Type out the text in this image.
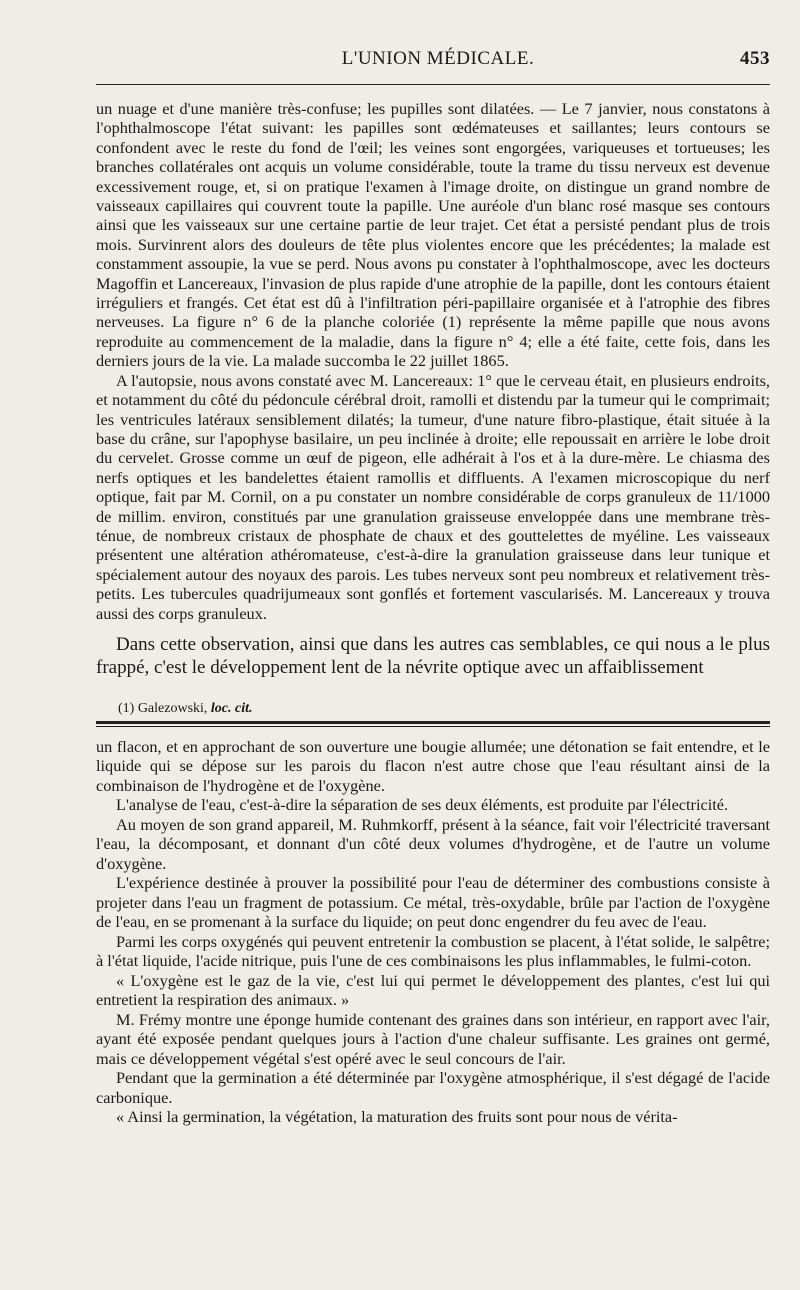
L'UNION MÉDICALE.	453

un nuage et d'une manière très-confuse; les pupilles sont dilatées. — Le 7 janvier, nous constatons à l'ophthalmoscope l'état suivant: les papilles sont œdémateuses et saillantes; leurs contours se confondent avec le reste du fond de l'œil; les veines sont engorgées, variqueuses et tortueuses; les branches collatérales ont acquis un volume considérable, toute la trame du tissu nerveux est devenue excessivement rouge, et, si on pratique l'examen à l'image droite, on distingue un grand nombre de vaisseaux capillaires qui couvrent toute la papille. Une auréole d'un blanc rosé masque ses contours ainsi que les vaisseaux sur une certaine partie de leur trajet. Cet état a persisté pendant plus de trois mois. Survinrent alors des douleurs de tête plus violentes encore que les précédentes; la malade est constamment assoupie, la vue se perd. Nous avons pu constater à l'ophthalmoscope, avec les docteurs Magoffin et Lancereaux, l'invasion de plus rapide d'une atrophie de la papille, dont les contours étaient irréguliers et frangés. Cet état est dû à l'infiltration péri-papillaire organisée et à l'atrophie des fibres nerveuses. La figure n° 6 de la planche coloriée (1) représente la même papille que nous avons reproduite au commencement de la maladie, dans la figure n° 4; elle a été faite, cette fois, dans les derniers jours de la vie. La malade succomba le 22 juillet 1865.

A l'autopsie, nous avons constaté avec M. Lancereaux: 1° que le cerveau était, en plusieurs endroits, et notamment du côté du pédoncule cérébral droit, ramolli et distendu par la tumeur qui le comprimait; les ventricules latéraux sensiblement dilatés; la tumeur, d'une nature fibro-plastique, était située à la base du crâne, sur l'apophyse basilaire, un peu inclinée à droite; elle repoussait en arrière le lobe droit du cervelet. Grosse comme un œuf de pigeon, elle adhérait à l'os et à la dure-mère. Le chiasma des nerfs optiques et les bandelettes étaient ramollis et diffluents. A l'examen microscopique du nerf optique, fait par M. Cornil, on a pu constater un nombre considérable de corps granuleux de 11/1000 de millim. environ, constitués par une granulation graisseuse enveloppée dans une membrane très-ténue, de nombreux cristaux de phosphate de chaux et des gouttelettes de myéline. Les vaisseaux présentent une altération athéromateuse, c'est-à-dire la granulation graisseuse dans leur tunique et spécialement autour des noyaux des parois. Les tubes nerveux sont peu nombreux et relativement très-petits. Les tubercules quadrijumeaux sont gonflés et fortement vascularisés. M. Lancereaux y trouva aussi des corps granuleux.

Dans cette observation, ainsi que dans les autres cas semblables, ce qui nous a le plus frappé, c'est le développement lent de la névrite optique avec un affaiblissement

(1) Galezowski, loc. cit.

un flacon, et en approchant de son ouverture une bougie allumée; une détonation se fait entendre, et le liquide qui se dépose sur les parois du flacon n'est autre chose que l'eau résultant ainsi de la combinaison de l'hydrogène et de l'oxygène.

L'analyse de l'eau, c'est-à-dire la séparation de ses deux éléments, est produite par l'électricité.

Au moyen de son grand appareil, M. Ruhmkorff, présent à la séance, fait voir l'électricité traversant l'eau, la décomposant, et donnant d'un côté deux volumes d'hydrogène, et de l'autre un volume d'oxygène.

L'expérience destinée à prouver la possibilité pour l'eau de déterminer des combustions consiste à projeter dans l'eau un fragment de potassium. Ce métal, très-oxydable, brûle par l'action de l'oxygène de l'eau, en se promenant à la surface du liquide; on peut donc engendrer du feu avec de l'eau.

Parmi les corps oxygénés qui peuvent entretenir la combustion se placent, à l'état solide, le salpêtre; à l'état liquide, l'acide nitrique, puis l'une de ces combinaisons les plus inflammables, le fulmi-coton.

« L'oxygène est le gaz de la vie, c'est lui qui permet le développement des plantes, c'est lui qui entretient la respiration des animaux. »

M. Frémy montre une éponge humide contenant des graines dans son intérieur, en rapport avec l'air, ayant été exposée pendant quelques jours à l'action d'une chaleur suffisante. Les graines ont germé, mais ce développement végétal s'est opéré avec le seul concours de l'air.

Pendant que la germination a été déterminée par l'oxygène atmosphérique, il s'est dégagé de l'acide carbonique.

« Ainsi la germination, la végétation, la maturation des fruits sont pour nous de vérita-
